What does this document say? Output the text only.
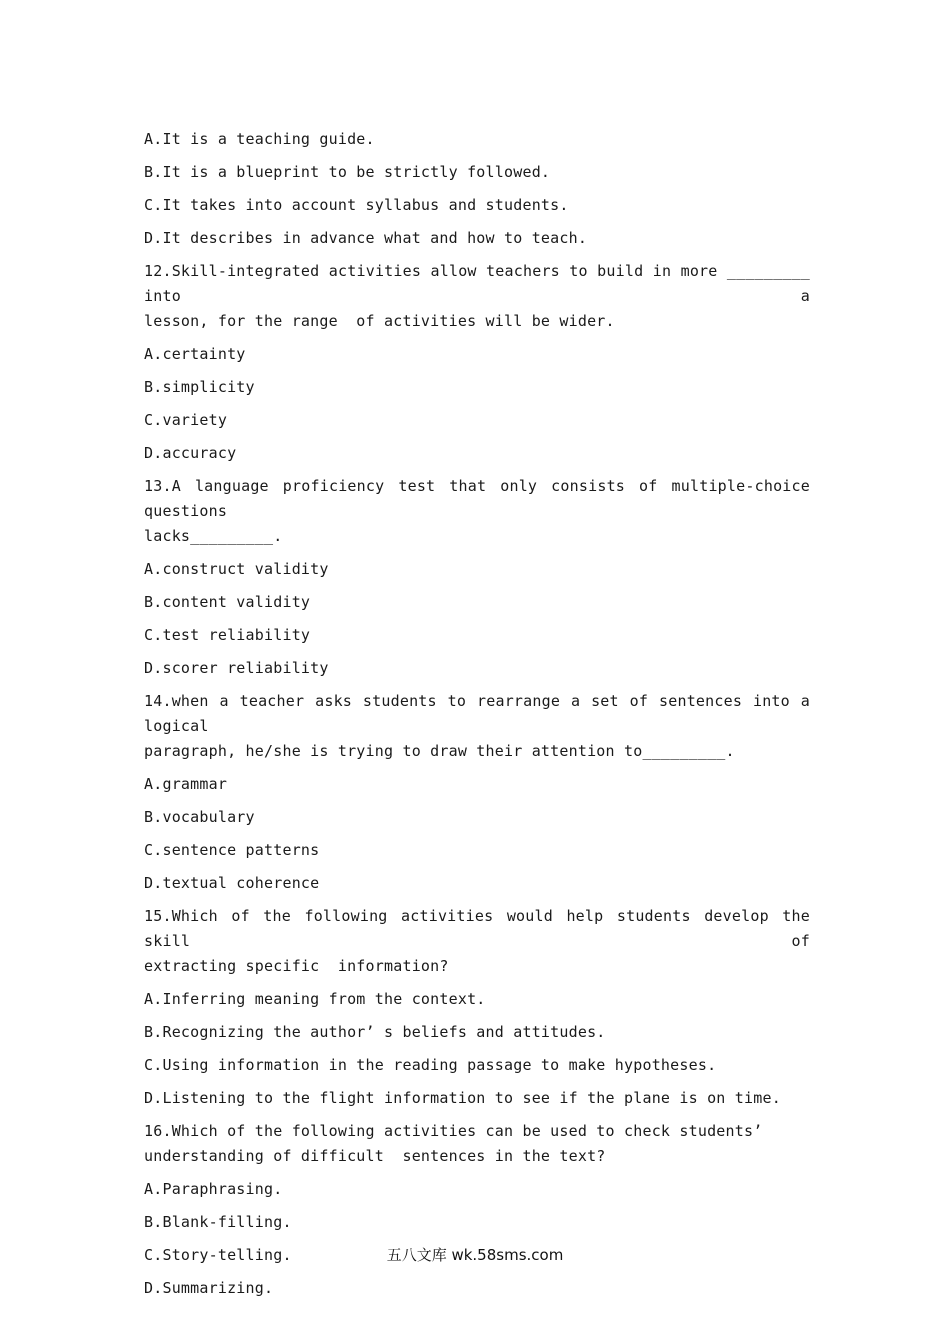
A.It is a teaching guide.
B.It is a blueprint to be strictly followed.
C.It takes into account syllabus and students.
D.It describes in advance what and how to teach.
12.Skill-integrated activities allow teachers to build in more _________ into a
lesson, for the range  of activities will be wider.
A.certainty
B.simplicity
C.variety
D.accuracy
13.A language proficiency test that only consists of multiple-choice questions
lacks_________.
A.construct validity
B.content validity
C.test reliability
D.scorer reliability
14.when a teacher asks students to rearrange a set of sentences into a logical
paragraph, he/she is trying to draw their attention to_________.
A.grammar
B.vocabulary
C.sentence patterns
D.textual coherence
15.Which of the following activities would help students develop the skill of
extracting specific  information?
A.Inferring meaning from the context.
B.Recognizing the author’ s beliefs and attitudes.
C.Using information in the reading passage to make hypotheses.
D.Listening to the flight information to see if the plane is on time.
16.Which of the following activities can be used to check students’
understanding of difficult  sentences in the text?
A.Paraphrasing.
B.Blank-filling.
C.Story-telling.
D.Summarizing.
五八文库 wk.58sms.com
